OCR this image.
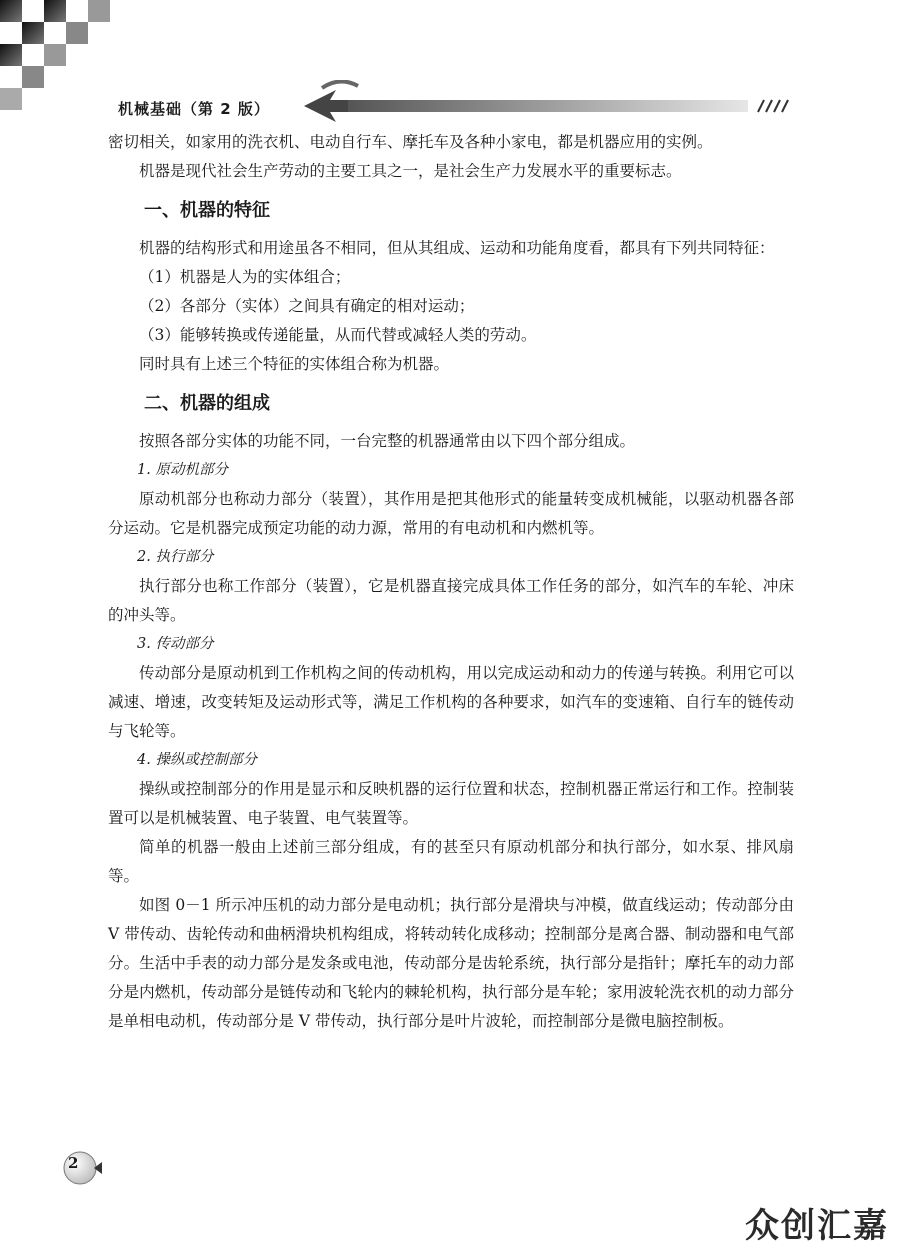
机械基础（第 2 版）

密切相关，如家用的洗衣机、电动自行车、摩托车及各种小家电，都是机器应用的实例。

机器是现代社会生产劳动的主要工具之一，是社会生产力发展水平的重要标志。

一、机器的特征

机器的结构形式和用途虽各不相同，但从其组成、运动和功能角度看，都具有下列共同特征：

（1）机器是人为的实体组合；

（2）各部分（实体）之间具有确定的相对运动；

（3）能够转换或传递能量，从而代替或减轻人类的劳动。

同时具有上述三个特征的实体组合称为机器。

二、机器的组成

按照各部分实体的功能不同，一台完整的机器通常由以下四个部分组成。

1. 原动机部分

原动机部分也称动力部分（装置），其作用是把其他形式的能量转变成机械能，以驱动机器各部分运动。它是机器完成预定功能的动力源，常用的有电动机和内燃机等。

2. 执行部分

执行部分也称工作部分（装置），它是机器直接完成具体工作任务的部分，如汽车的车轮、冲床的冲头等。

3. 传动部分

传动部分是原动机到工作机构之间的传动机构，用以完成运动和动力的传递与转换。利用它可以减速、增速，改变转矩及运动形式等，满足工作机构的各种要求，如汽车的变速箱、自行车的链传动与飞轮等。

4. 操纵或控制部分

操纵或控制部分的作用是显示和反映机器的运行位置和状态，控制机器正常运行和工作。控制装置可以是机械装置、电子装置、电气装置等。

简单的机器一般由上述前三部分组成，有的甚至只有原动机部分和执行部分，如水泵、排风扇等。

如图 0－1 所示冲压机的动力部分是电动机；执行部分是滑块与冲模，做直线运动；传动部分由 V 带传动、齿轮传动和曲柄滑块机构组成，将转动转化成移动；控制部分是离合器、制动器和电气部分。生活中手表的动力部分是发条或电池，传动部分是齿轮系统，执行部分是指针；摩托车的动力部分是内燃机，传动部分是链传动和飞轮内的棘轮机构，执行部分是车轮；家用波轮洗衣机的动力部分是单相电动机，传动部分是 V 带传动，执行部分是叶片波轮，而控制部分是微电脑控制板。

2
众创汇嘉
